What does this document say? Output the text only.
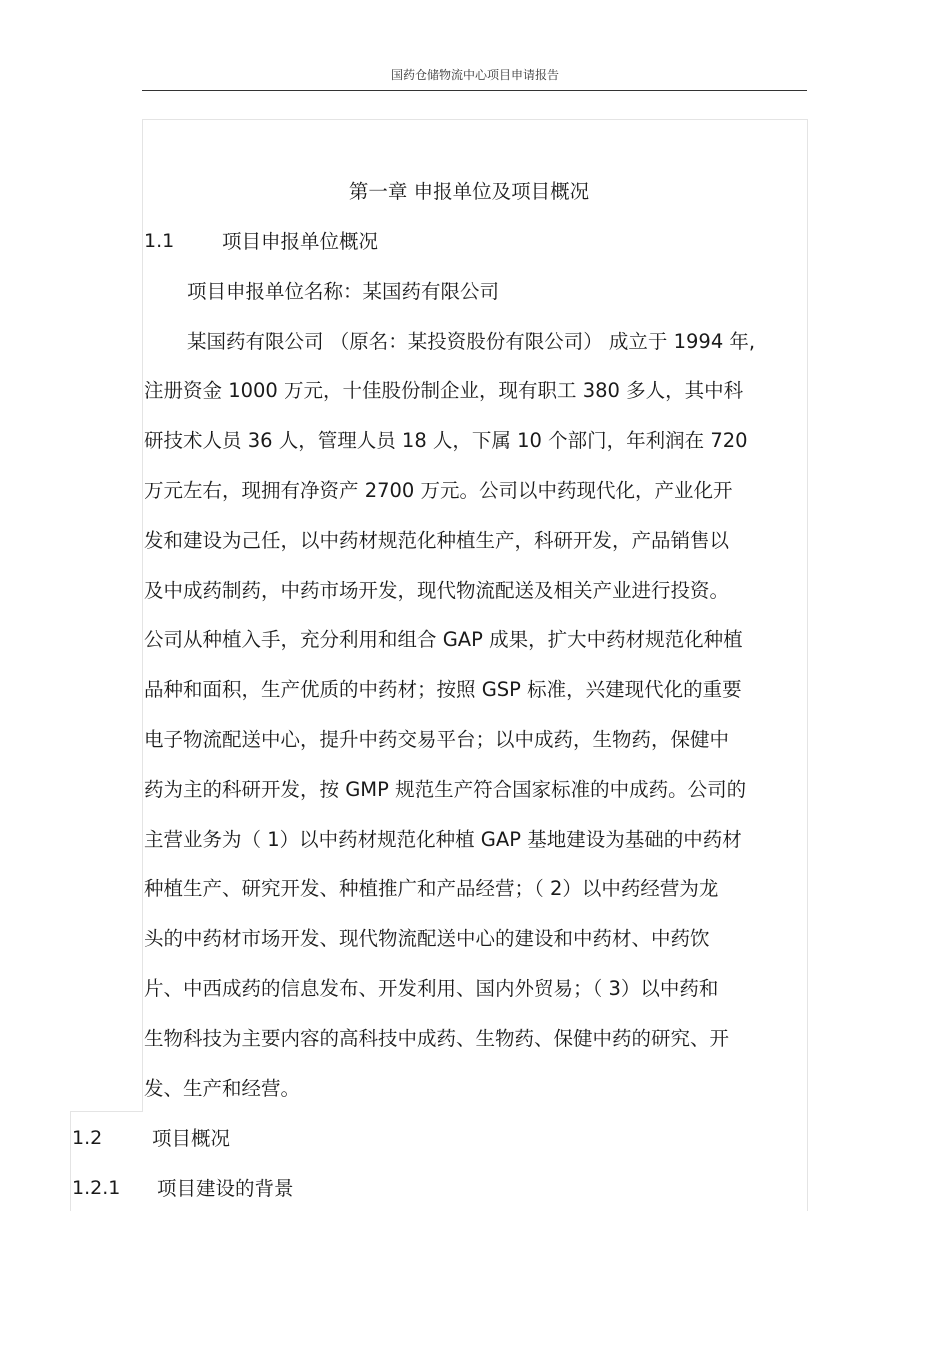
国药仓储物流中心项目申请报告
第一章 申报单位及项目概况
1.1 项目申报单位概况
项目申报单位名称：某国药有限公司
某国药有限公司 （原名：某投资股份有限公司） 成立于 1994 年,
注册资金 1000 万元，十佳股份制企业，现有职工 380 多人，其中科
研技术人员 36 人，管理人员 18 人，下属 10 个部门，年利润在 720
万元左右，现拥有净资产 2700 万元。公司以中药现代化，产业化开
发和建设为己任，以中药材规范化种植生产，科研开发，产品销售以
及中成药制药，中药市场开发，现代物流配送及相关产业进行投资。
公司从种植入手，充分利用和组合 GAP 成果，扩大中药材规范化种植
品种和面积，生产优质的中药材；按照 GSP 标准，兴建现代化的重要
电子物流配送中心，提升中药交易平台；以中成药，生物药，保健中
药为主的科研开发，按 GMP 规范生产符合国家标准的中成药。公司的
主营业务为（ 1）以中药材规范化种植 GAP 基地建设为基础的中药材
种植生产、研究开发、种植推广和产品经营；（ 2）以中药经营为龙
头的中药材市场开发、现代物流配送中心的建设和中药材、中药饮
片、中西成药的信息发布、开发利用、国内外贸易；（ 3）以中药和
生物科技为主要内容的高科技中成药、生物药、保健中药的研究、开
发、生产和经营。
1.2	项目概况
1.2.1 项目建设的背景
